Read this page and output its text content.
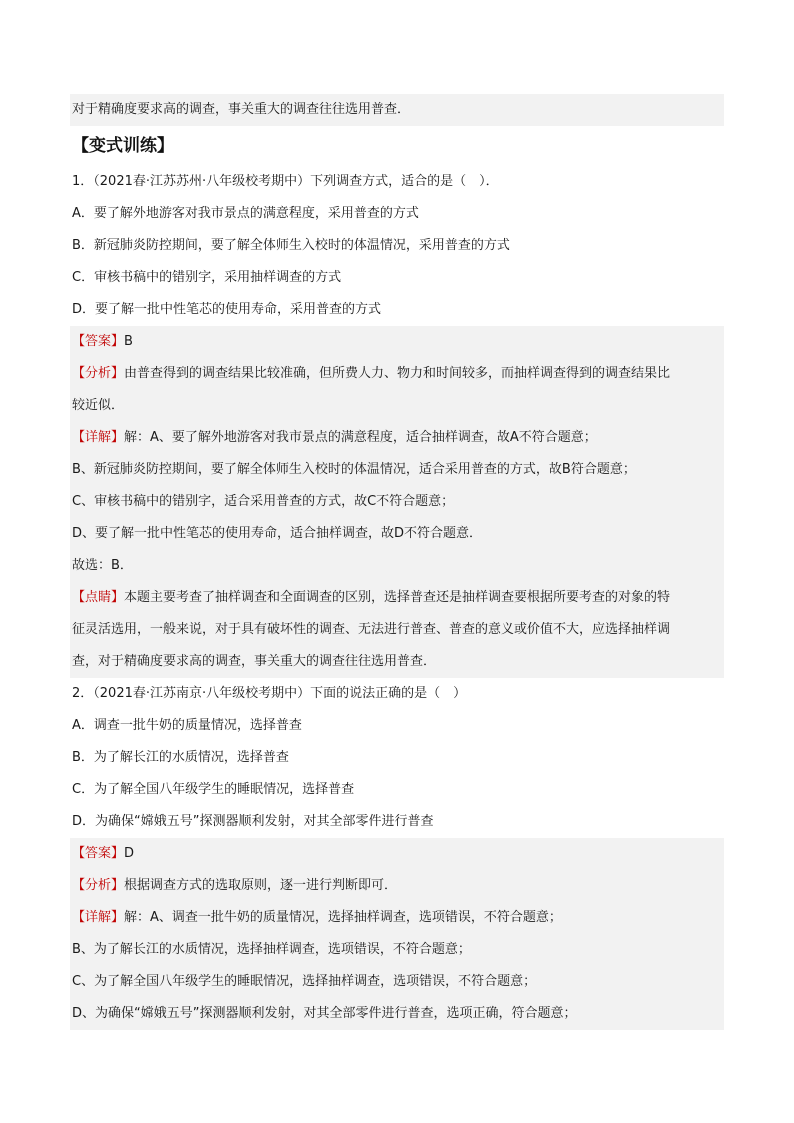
对于精确度要求高的调查，事关重大的调查往往选用普查．
【变式训练】
1．（2021春·江苏苏州·八年级校考期中）下列调查方式，适合的是（　）．
A．要了解外地游客对我市景点的满意程度，采用普查的方式
B．新冠肺炎防控期间，要了解全体师生入校时的体温情况，采用普查的方式
C．审核书稿中的错别字，采用抽样调查的方式
D．要了解一批中性笔芯的使用寿命，采用普查的方式
【答案】B
【分析】由普查得到的调查结果比较准确，但所费人力、物力和时间较多，而抽样调查得到的调查结果比
较近似．
【详解】解：A、要了解外地游客对我市景点的满意程度，适合抽样调查，故A不符合题意；
B、新冠肺炎防控期间，要了解全体师生入校时的体温情况，适合采用普查的方式，故B符合题意；
C、审核书稿中的错别字，适合采用普查的方式，故C不符合题意；
D、要了解一批中性笔芯的使用寿命，适合抽样调查，故D不符合题意．
故选：B．
【点睛】本题主要考查了抽样调查和全面调查的区别，选择普查还是抽样调查要根据所要考查的对象的特
征灵活选用，一般来说，对于具有破坏性的调查、无法进行普查、普查的意义或价值不大，应选择抽样调
查，对于精确度要求高的调查，事关重大的调查往往选用普查．
2．（2021春·江苏南京·八年级校考期中）下面的说法正确的是（　）
A．调查一批牛奶的质量情况，选择普查
B．为了解长江的水质情况，选择普查
C．为了解全国八年级学生的睡眠情况，选择普查
D．为确保“嫦娥五号”探测器顺利发射，对其全部零件进行普查
【答案】D
【分析】根据调查方式的选取原则，逐一进行判断即可．
【详解】解：A、调查一批牛奶的质量情况，选择抽样调查，选项错误，不符合题意；
B、为了解长江的水质情况，选择抽样调查，选项错误，不符合题意；
C、为了解全国八年级学生的睡眠情况，选择抽样调查，选项错误，不符合题意；
D、为确保“嫦娥五号”探测器顺利发射，对其全部零件进行普查，选项正确，符合题意；
